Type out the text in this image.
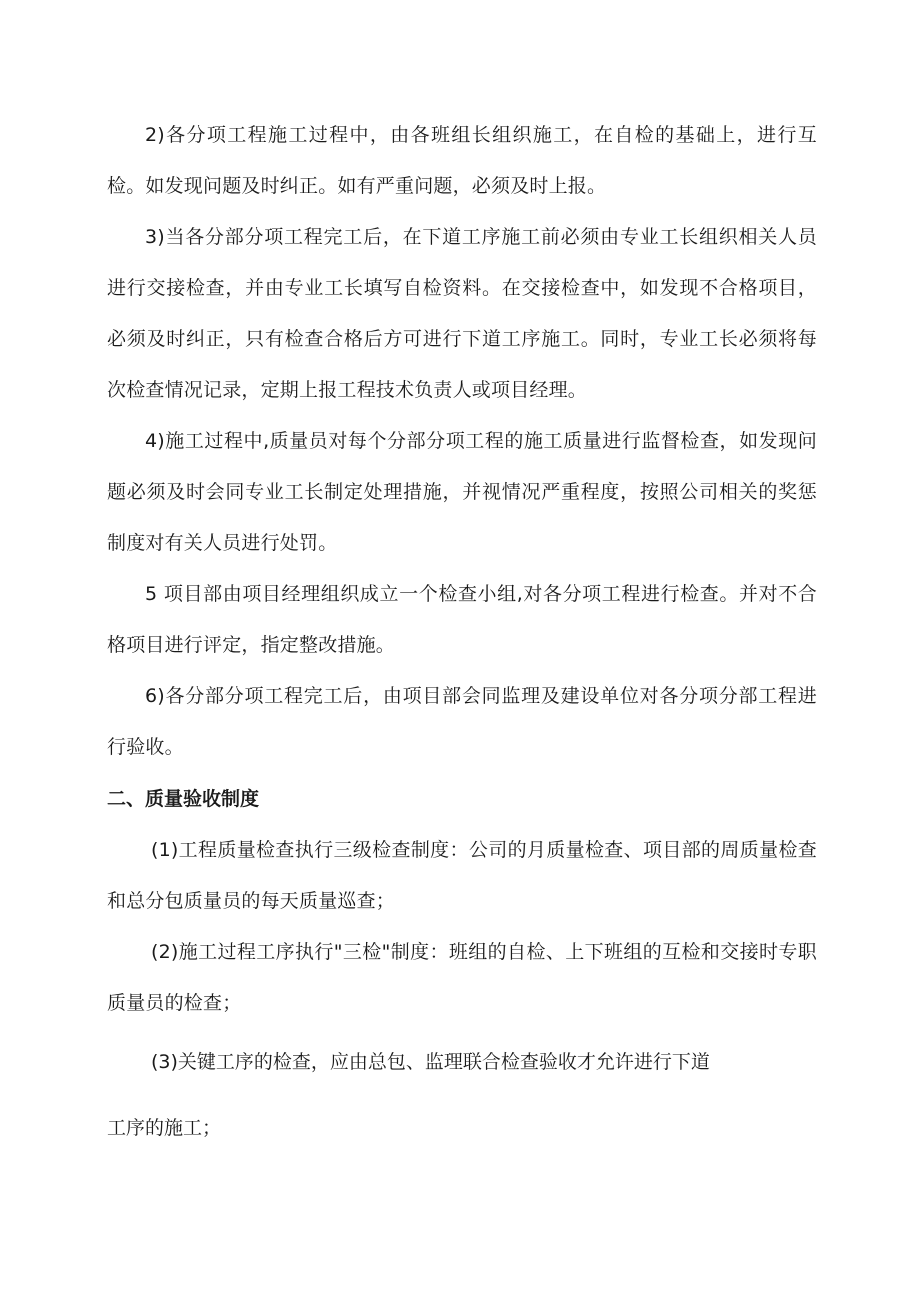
2)各分项工程施工过程中，由各班组长组织施工，在自检的基础上，进行互检。如发现问题及时纠正。如有严重问题，必须及时上报。

3)当各分部分项工程完工后，在下道工序施工前必须由专业工长组织相关人员进行交接检查，并由专业工长填写自检资料。在交接检查中，如发现不合格项目，必须及时纠正，只有检查合格后方可进行下道工序施工。同时，专业工长必须将每次检查情况记录，定期上报工程技术负责人或项目经理。

4)施工过程中,质量员对每个分部分项工程的施工质量进行监督检查，如发现问题必须及时会同专业工长制定处理措施，并视情况严重程度，按照公司相关的奖惩制度对有关人员进行处罚。

5 项目部由项目经理组织成立一个检查小组,对各分项工程进行检查。并对不合格项目进行评定，指定整改措施。

6)各分部分项工程完工后，由项目部会同监理及建设单位对各分项分部工程进行验收。

二、质量验收制度

(1)工程质量检查执行三级检查制度：公司的月质量检查、项目部的周质量检查和总分包质量员的每天质量巡查；

(2)施工过程工序执行"三检"制度：班组的自检、上下班组的互检和交接时专职质量员的检查；

(3)关键工序的检查，应由总包、监理联合检查验收才允许进行下道

工序的施工；
